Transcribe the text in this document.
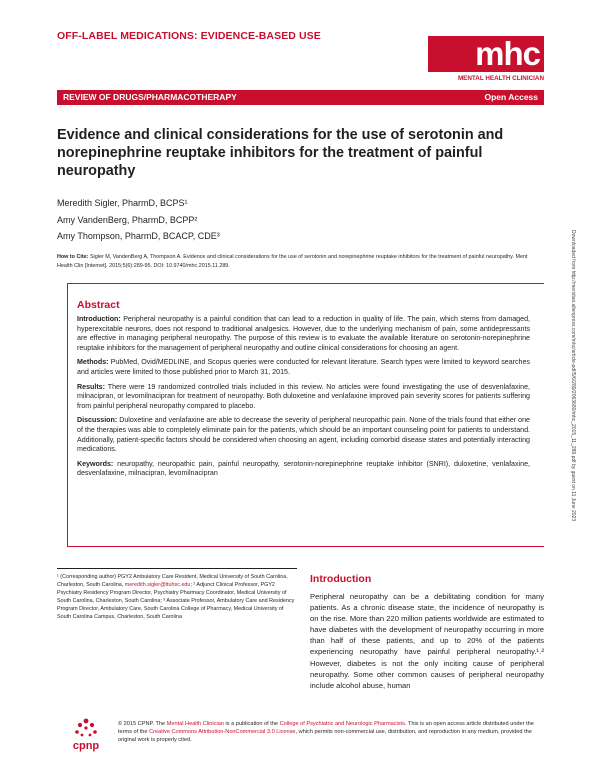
OFF-LABEL MEDICATIONS: EVIDENCE-BASED USE	mhc
MENTAL HEALTH CLINICIAN
REVIEW OF DRUGS/PHARMACOTHERAPY	Open Access
Evidence and clinical considerations for the use of serotonin and norepinephrine reuptake inhibitors for the treatment of painful neuropathy
Meredith Sigler, PharmD, BCPS¹
Amy VandenBerg, PharmD, BCPP²
Amy Thompson, PharmD, BCACP, CDE³
How to Cite: Sigler M, VandenBerg A, Thompson A. Evidence and clinical considerations for the use of serotonin and norepinephrine reuptake inhibitors for the treatment of painful neuropathy. Ment Health Clin [Internet]. 2015;5(6):289-95. DOI: 10.9740/mhc.2015.11.289.
Abstract

Introduction: Peripheral neuropathy is a painful condition that can lead to a reduction in quality of life. The pain, which stems from damaged, hyperexcitable neurons, does not respond to traditional analgesics. However, due to the underlying mechanism of pain, some antidepressants are effective in managing peripheral neuropathy. The purpose of this review is to evaluate the available literature on serotonin-norepinephrine reuptake inhibitors for the management of peripheral neuropathy and outline clinical considerations for choosing an agent.

Methods: PubMed, Ovid/MEDLINE, and Scopus queries were conducted for relevant literature. Search types were limited to keyword searches and articles were limited to those published prior to March 31, 2015.

Results: There were 19 randomized controlled trials included in this review. No articles were found investigating the use of desvenlafaxine, milnacipran, or levomilnacipran for treatment of neuropathy. Both duloxetine and venlafaxine improved pain severity scores for patients suffering from painful peripheral neuropathy compared to placebo.

Discussion: Duloxetine and venlafaxine are able to decrease the severity of peripheral neuropathic pain. None of the trials found that either one of the therapies was able to completely eliminate pain for the patients, which should be an important counseling point for patients to understand. Additionally, patient-specific factors should be considered when choosing an agent, including comorbid disease states and potentially interacting medications.

Keywords: neuropathy, neuropathic pain, painful neuropathy, serotonin-norepinephrine reuptake inhibitor (SNRI), duloxetine, venlafaxine, desvenlafaxine, milnacipran, levomilnacipran

¹ (Corresponding author) PGY2 Ambulatory Care Resident, Medical University of South Carolina, Charleston, South Carolina, meredith.sigler@ttuhsc.edu; ² Adjunct Clinical Professor, PGY2 Psychiatry Residency Program Director, Psychiatry Pharmacy Coordinator, Medical University of South Carolina, Charleston, South Carolina; ³ Associate Professor, Ambulatory Care and Residency Program Director, Ambulatory Care, South Carolina College of Pharmacy, Medical University of South Carolina Campus, Charleston, South Carolina
Introduction
Peripheral neuropathy can be a debilitating condition for many patients. As a chronic disease state, the incidence of neuropathy is on the rise. More than 220 million patients worldwide are estimated to have diabetes with the development of neuropathy occurring in more than half of these patients, and up to 20% of the patients experiencing neuropathy have painful peripheral neuropathy.¹˒² However, diabetes is not the only inciting cause of peripheral neuropathy. Some other common causes of peripheral neuropathy include alcohol abuse, human
Downloaded from http://meridian.allenpress.com/mhc/article-pdf/5/6/289/2063680/mhc_2015_11_289.pdf by guest on 11 June 2023
cpnp
© 2015 CPNP. The Mental Health Clinician is a publication of the College of Psychiatric and Neurologic Pharmacists. This is an open access article distributed under the terms of the Creative Commons Attribution-NonCommercial 3.0 License, which permits non-commercial use, distribution, and reproduction in any medium, provided the original work is properly cited.
